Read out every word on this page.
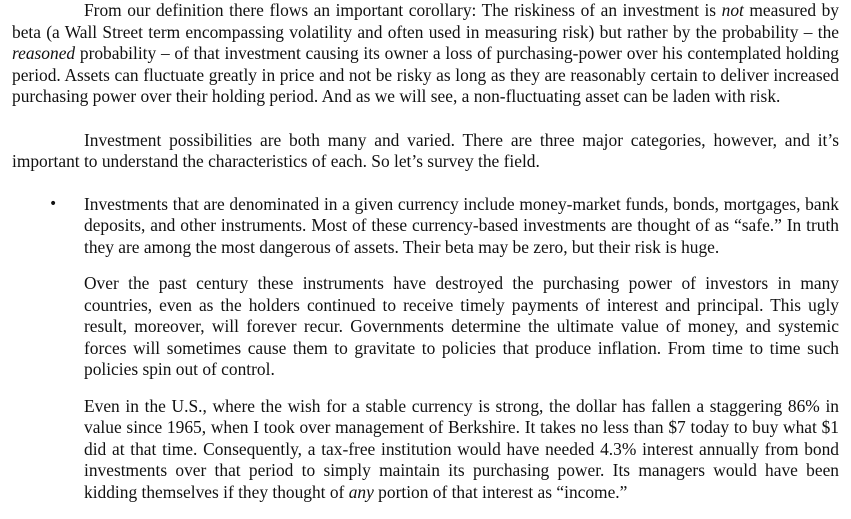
From our definition there flows an important corollary: The riskiness of an investment is not measured by beta (a Wall Street term encompassing volatility and often used in measuring risk) but rather by the probability – the reasoned probability – of that investment causing its owner a loss of purchasing-power over his contemplated holding period. Assets can fluctuate greatly in price and not be risky as long as they are reasonably certain to deliver increased purchasing power over their holding period. And as we will see, a non-fluctuating asset can be laden with risk.

Investment possibilities are both many and varied. There are three major categories, however, and it’s important to understand the characteristics of each. So let’s survey the field.

• Investments that are denominated in a given currency include money-market funds, bonds, mortgages, bank deposits, and other instruments. Most of these currency-based investments are thought of as “safe.” In truth they are among the most dangerous of assets. Their beta may be zero, but their risk is huge.

Over the past century these instruments have destroyed the purchasing power of investors in many countries, even as the holders continued to receive timely payments of interest and principal. This ugly result, moreover, will forever recur. Governments determine the ultimate value of money, and systemic forces will sometimes cause them to gravitate to policies that produce inflation. From time to time such policies spin out of control.

Even in the U.S., where the wish for a stable currency is strong, the dollar has fallen a staggering 86% in value since 1965, when I took over management of Berkshire. It takes no less than $7 today to buy what $1 did at that time. Consequently, a tax-free institution would have needed 4.3% interest annually from bond investments over that period to simply maintain its purchasing power. Its managers would have been kidding themselves if they thought of any portion of that interest as “income.”
